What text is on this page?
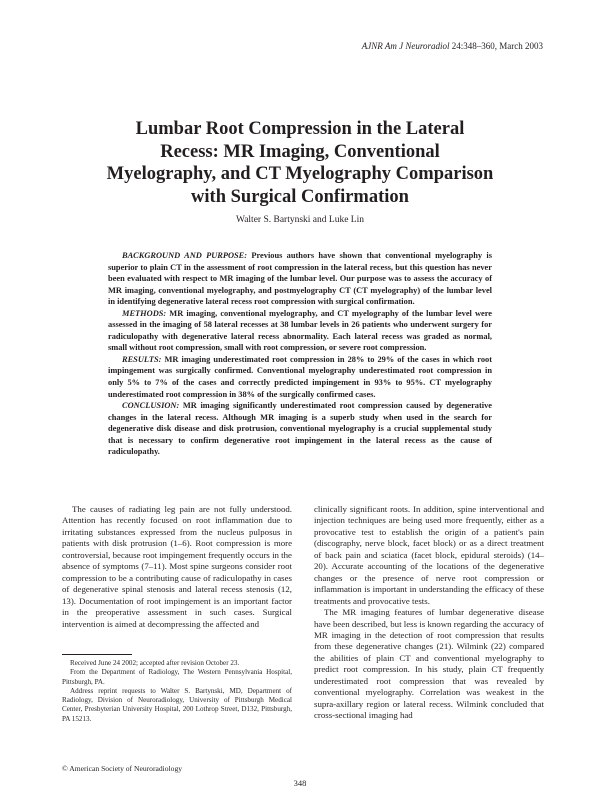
AJNR Am J Neuroradiol 24:348–360, March 2003
Lumbar Root Compression in the Lateral
Recess: MR Imaging, Conventional
Myelography, and CT Myelography Comparison
with Surgical Confirmation
Walter S. Bartynski and Luke Lin

BACKGROUND AND PURPOSE: Previous authors have shown that conventional myelography is superior to plain CT in the assessment of root compression in the lateral recess, but this question has never been evaluated with respect to MR imaging of the lumbar level. Our purpose was to assess the accuracy of MR imaging, conventional myelography, and postmyelography CT (CT myelography) of the lumbar level in identifying degenerative lateral recess root compression with surgical confirmation.

METHODS: MR imaging, conventional myelography, and CT myelography of the lumbar level were assessed in the imaging of 58 lateral recesses at 38 lumbar levels in 26 patients who underwent surgery for radiculopathy with degenerative lateral recess abnormality. Each lateral recess was graded as normal, small without root compression, small with root compression, or severe root compression.

RESULTS: MR imaging underestimated root compression in 28% to 29% of the cases in which root impingement was surgically confirmed. Conventional myelography underestimated root compression in only 5% to 7% of the cases and correctly predicted impingement in 93% to 95%. CT myelography underestimated root compression in 38% of the surgically confirmed cases.

CONCLUSION: MR imaging significantly underestimated root compression caused by degenerative changes in the lateral recess. Although MR imaging is a superb study when used in the search for degenerative disk disease and disk protrusion, conventional myelography is a crucial supplemental study that is necessary to confirm degenerative root impingement in the lateral recess as the cause of radiculopathy.

The causes of radiating leg pain are not fully understood. Attention has recently focused on root inflammation due to irritating substances expressed from the nucleus pulposus in patients with disk protrusion (1–6). Root compression is more controversial, because root impingement frequently occurs in the absence of symptoms (7–11). Most spine surgeons consider root compression to be a contributing cause of radiculopathy in cases of degenerative spinal stenosis and lateral recess stenosis (12, 13). Documentation of root impingement is an important factor in the preoperative assessment in such cases. Surgical intervention is aimed at decompressing the affected and

clinically significant roots. In addition, spine interventional and injection techniques are being used more frequently, either as a provocative test to establish the origin of a patient's pain (discography, nerve block, facet block) or as a direct treatment of back pain and sciatica (facet block, epidural steroids) (14–20). Accurate accounting of the locations of the degenerative changes or the presence of nerve root compression or inflammation is important in understanding the efficacy of these treatments and provocative tests.

The MR imaging features of lumbar degenerative disease have been described, but less is known regarding the accuracy of MR imaging in the detection of root compression that results from these degenerative changes (21). Wilmink (22) compared the abilities of plain CT and conventional myelography to predict root compression. In his study, plain CT frequently underestimated root compression that was revealed by conventional myelography. Correlation was weakest in the supra-axillary region or lateral recess. Wilmink concluded that cross-sectional imaging had

Received June 24 2002; accepted after revision October 23.

From the Department of Radiology, The Western Pennsylvania Hospital, Pittsburgh, PA.

Address reprint requests to Walter S. Bartynski, MD, Department of Radiology, Division of Neuroradiology, University of Pittsburgh Medical Center, Presbyterian University Hospital, 200 Lothrop Street, D132, Pittsburgh, PA 15213.

© American Society of Neuroradiology
348
